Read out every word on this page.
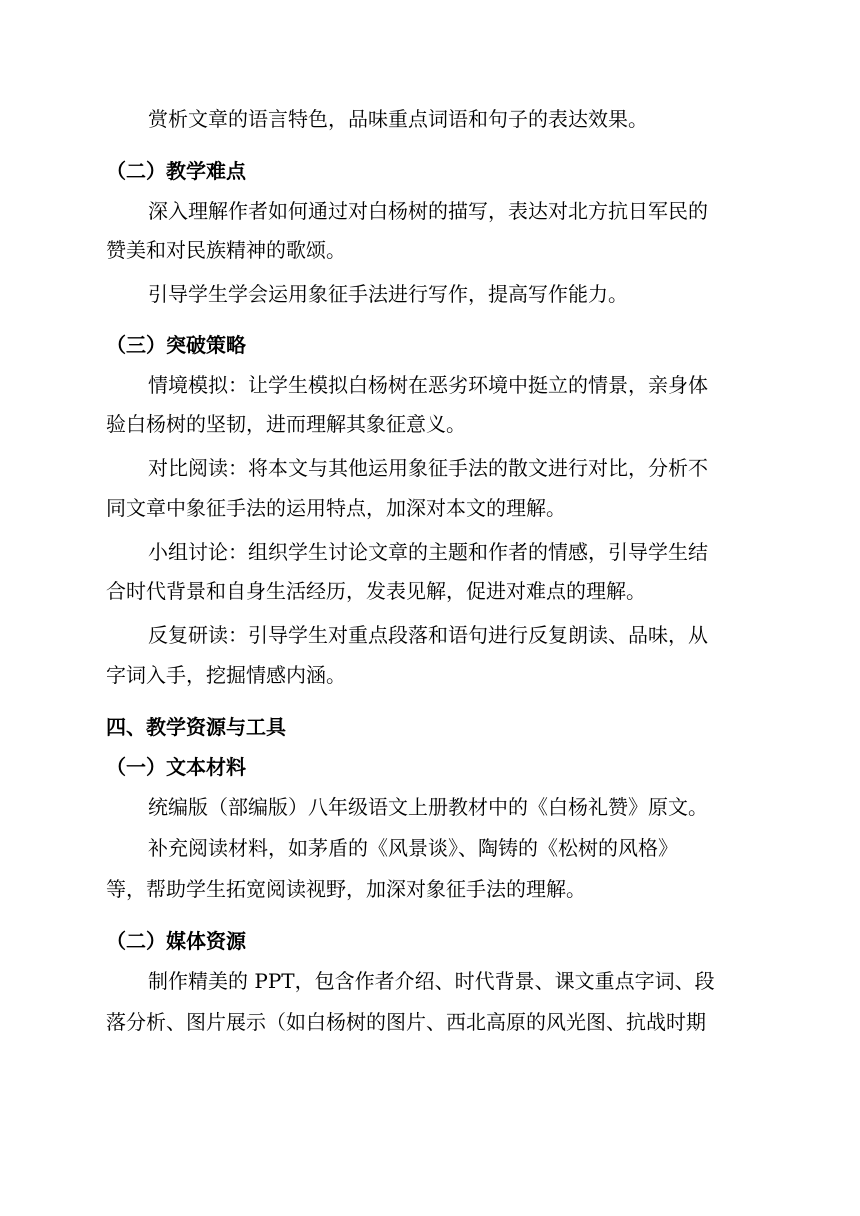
赏析文章的语言特色，品味重点词语和句子的表达效果。
（二）教学难点
深入理解作者如何通过对白杨树的描写，表达对北方抗日军民的
赞美和对民族精神的歌颂。
引导学生学会运用象征手法进行写作，提高写作能力。
（三）突破策略
情境模拟：让学生模拟白杨树在恶劣环境中挺立的情景，亲身体
验白杨树的坚韧，进而理解其象征意义。
对比阅读：将本文与其他运用象征手法的散文进行对比，分析不
同文章中象征手法的运用特点，加深对本文的理解。
小组讨论：组织学生讨论文章的主题和作者的情感，引导学生结
合时代背景和自身生活经历，发表见解，促进对难点的理解。
反复研读：引导学生对重点段落和语句进行反复朗读、品味，从
字词入手，挖掘情感内涵。
四、教学资源与工具
（一）文本材料
统编版（部编版）八年级语文上册教材中的《白杨礼赞》原文。
补充阅读材料，如茅盾的《风景谈》、陶铸的《松树的风格》
等，帮助学生拓宽阅读视野，加深对象征手法的理解。
（二）媒体资源
制作精美的 PPT，包含作者介绍、时代背景、课文重点字词、段
落分析、图片展示（如白杨树的图片、西北高原的风光图、抗战时期
